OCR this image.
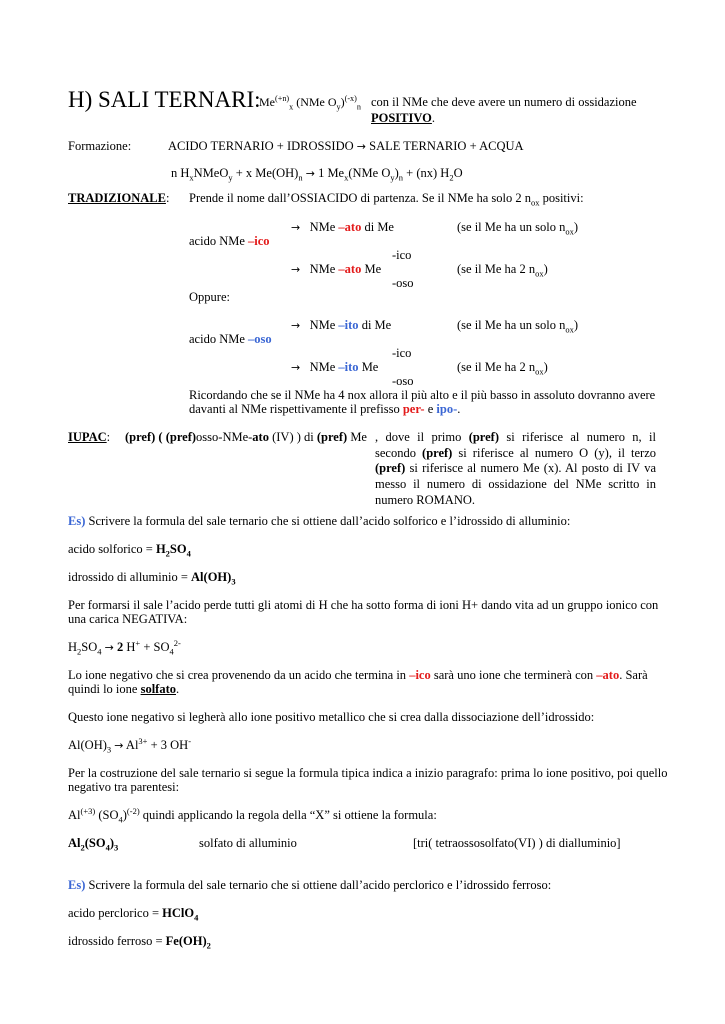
H) SALI TERNARI:
$Me^{(+n)}_x$ (NMe $O_y)^{(-x)}_n$ con il NMe che deve avere un numero di ossidazione
POSITIVO.
Formazione:	ACIDO TERNARIO + IDROSSIDO → SALE TERNARIO + ACQUA
n $H_xNMeO_y + x$ $Me(OH)_n \to 1$ $Me_x(NMe$ $O_y)_n + (nx)$ $H_2O$
TRADIZIONALE: Prende il nome dall’OSSIACIDO di partenza. Se il NMe ha solo 2 $n_{ox}$ positivi:
→ NMe –ato di Me	(se il Me ha un solo $n_{ox}$)
acido NMe –ico
-ico
→ NMe –ato Me	(se il Me ha 2 $n_{ox}$)
-oso
Oppure:
→ NMe –ito di Me	(se il Me ha un solo $n_{ox}$)
acido NMe –oso
-ico
→ NMe –ito Me	(se il Me ha 2 $n_{ox}$)
-oso
Ricordando che se il NMe ha 4 nox allora il più alto e il più basso in assoluto dovranno avere
davanti al NMe rispettivamente il prefisso per- e ipo-.
IUPAC: (pref) ( (pref)osso-NMe-ato (IV) ) di (pref) Me , dove il primo (pref) si riferisce al numero n, il secondo (pref) si riferisce al numero O (y), il terzo (pref) si riferisce al numero Me (x). Al posto di IV va messo il numero di ossidazione del NMe scritto in numero ROMANO.
Es) Scrivere la formula del sale ternario che si ottiene dall’acido solforico e l’idrossido di alluminio:
acido solforico = $H_2SO_4$
idrossido di alluminio = $Al(OH)_3$
Per formarsi il sale l’acido perde tutti gli atomi di H che ha sotto forma di ioni H+ dando vita ad un gruppo ionico con
una carica NEGATIVA:
$H_2SO_4 \to 2$ $H^+ + SO_4^{2-}$
Lo ione negativo che si crea provenendo da un acido che termina in –ico sarà uno ione che terminerà con –ato. Sarà
quindi lo ione solfato.
Questo ione negativo si legherà allo ione positivo metallico che si crea dalla dissociazione dell’idrossido:
$Al(OH)_3 \to Al^{3+} + 3$ OH-
Per la costruzione del sale ternario si segue la formula tipica indica a inizio paragrafo: prima lo ione positivo, poi quello
negativo tra parentesi:
$Al^{(+3)}$ $(SO_4)^{(-2)}$ quindi applicando la regola della “X” si ottiene la formula:
$Al_2(SO_4)_3$	solfato di alluminio	[tri( tetraossosolfato(VI) ) di dialluminio]
Es) Scrivere la formula del sale ternario che si ottiene dall’acido perclorico e l’idrossido ferroso:
acido perclorico = HClO$_4$
idrossido ferroso = $Fe(OH)_2$
